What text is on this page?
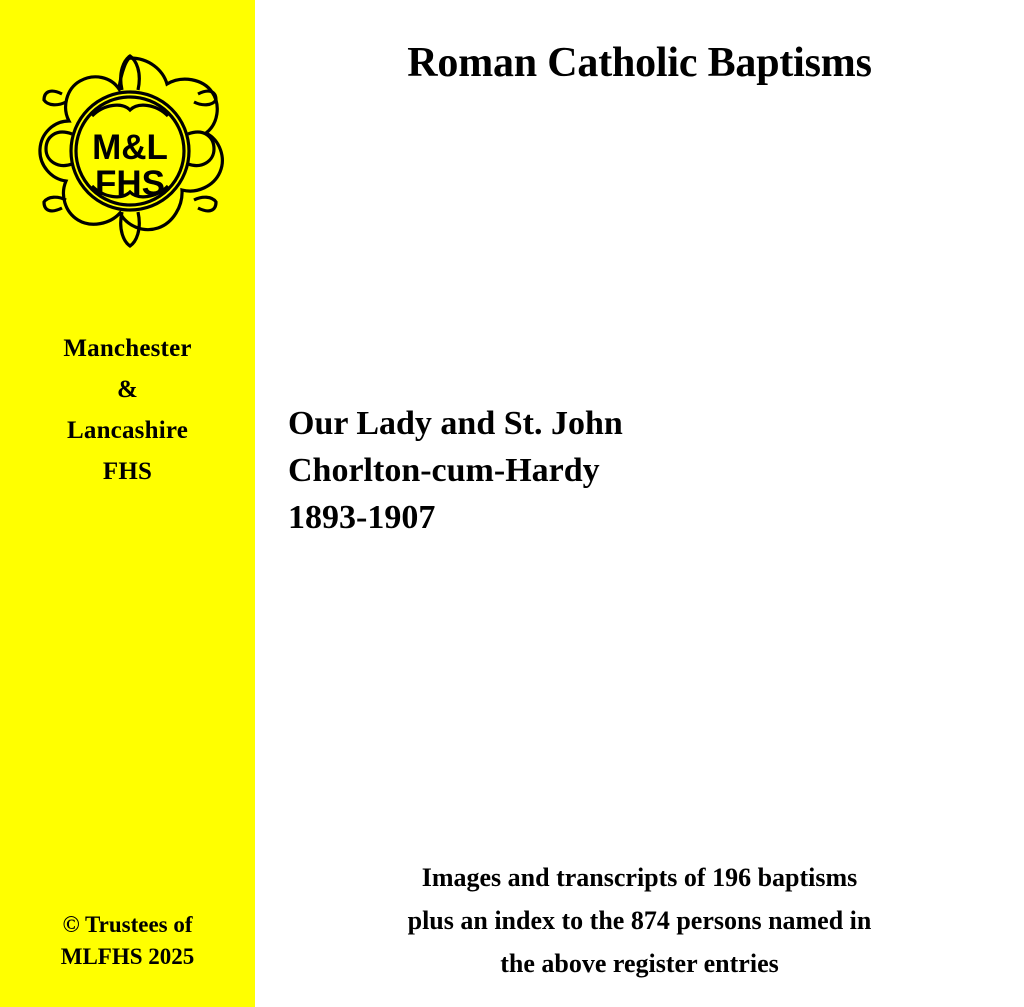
M&L
FHS
Manchester
&
Lancashire
FHS
© Trustees of
MLFHS 2025
Roman Catholic Baptisms
Our Lady and St. John
Chorlton-cum-Hardy
1893-1907
Images and transcripts of 196 baptisms
plus an index to the 874 persons named in
the above register entries
